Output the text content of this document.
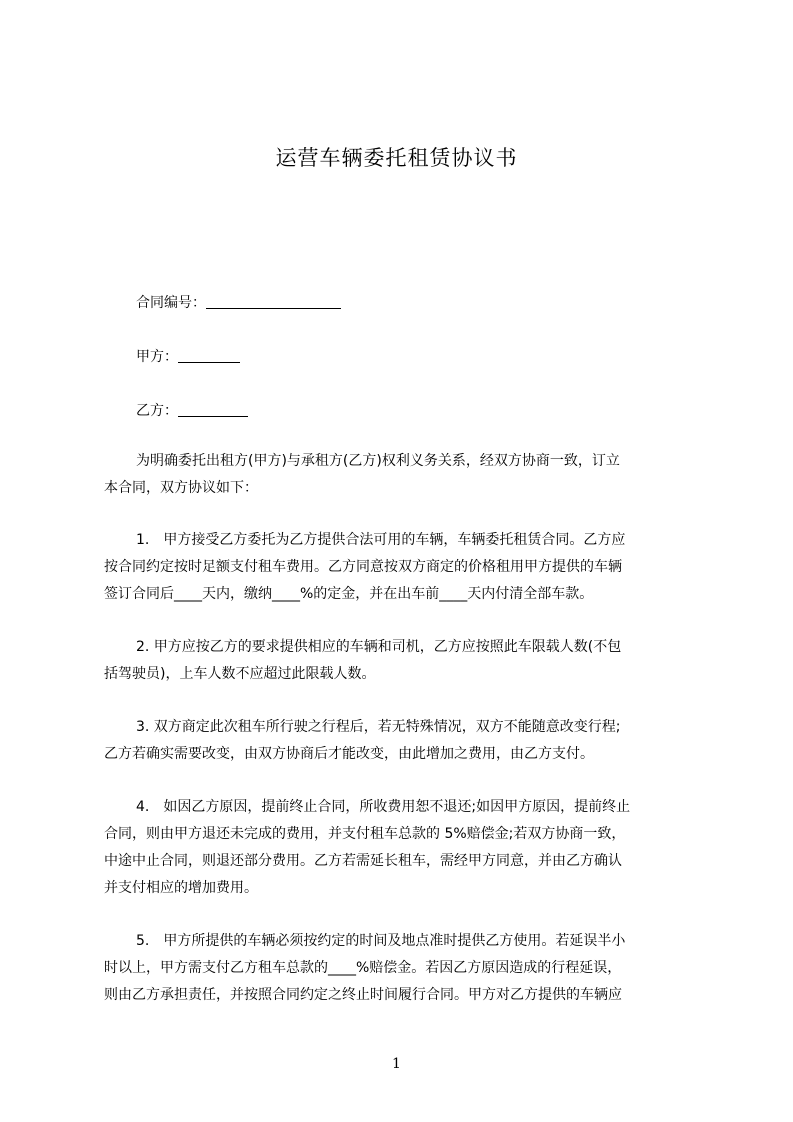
运营车辆委托租赁协议书
合同编号：
甲方：
乙方：
为明确委托出租方(甲方)与承租方(乙方)权利义务关系，经双方协商一致，订立
本合同，双方协议如下：
1.　甲方接受乙方委托为乙方提供合法可用的车辆，车辆委托租赁合同。乙方应
按合同约定按时足额支付租车费用。乙方同意按双方商定的价格租用甲方提供的车辆
签订合同后____天内，缴纳____%的定金，并在出车前____天内付清全部车款。
2. 甲方应按乙方的要求提供相应的车辆和司机，乙方应按照此车限载人数(不包
括驾驶员)，上车人数不应超过此限载人数。
3. 双方商定此次租车所行驶之行程后，若无特殊情况，双方不能随意改变行程;
乙方若确实需要改变，由双方协商后才能改变，由此增加之费用，由乙方支付。
4.　如因乙方原因，提前终止合同，所收费用恕不退还;如因甲方原因，提前终止
合同，则由甲方退还未完成的费用，并支付租车总款的 5%赔偿金;若双方协商一致，
中途中止合同，则退还部分费用。乙方若需延长租车，需经甲方同意，并由乙方确认
并支付相应的增加费用。
5.　甲方所提供的车辆必须按约定的时间及地点准时提供乙方使用。若延误半小
时以上，甲方需支付乙方租车总款的____%赔偿金。若因乙方原因造成的行程延误，
则由乙方承担责任，并按照合同约定之终止时间履行合同。甲方对乙方提供的车辆应
1
